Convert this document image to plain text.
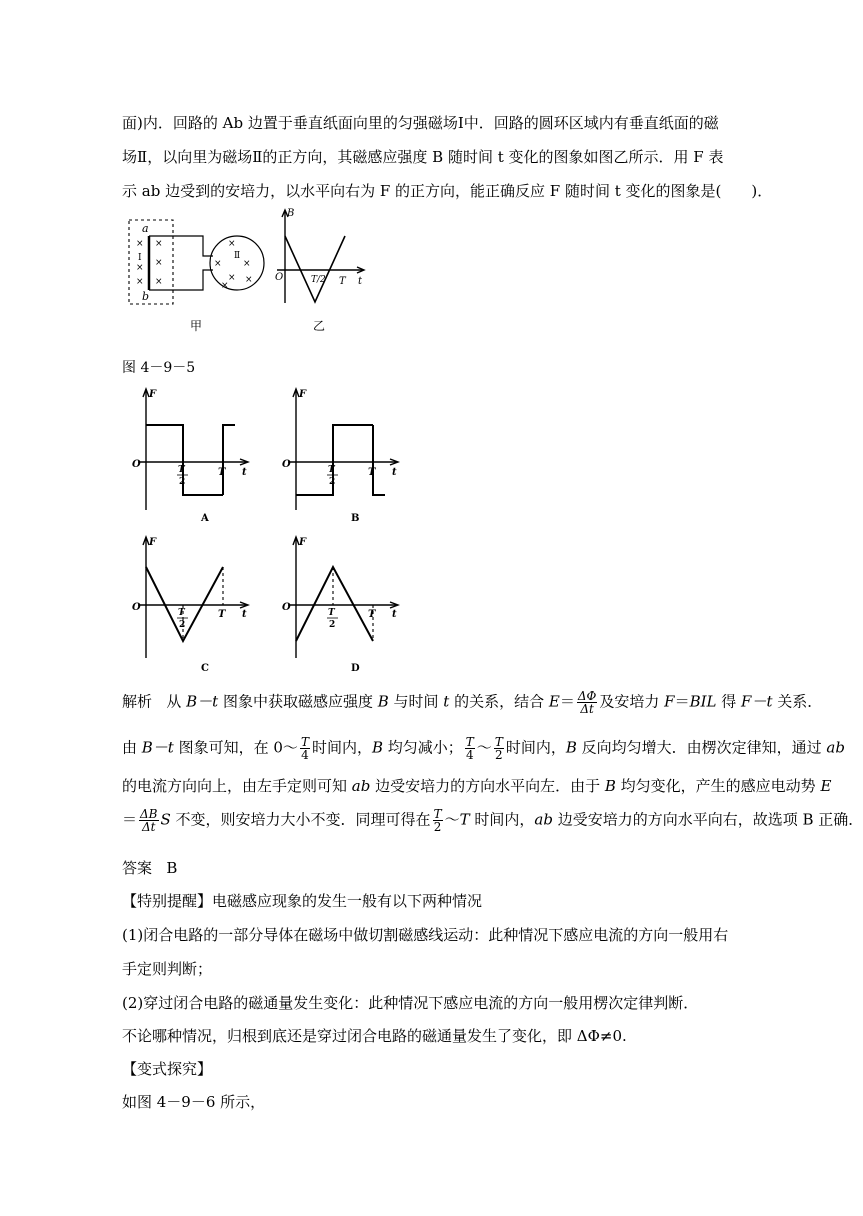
面)内．回路的 Ab 边置于垂直纸面向里的匀强磁场Ⅰ中．回路的圆环区域内有垂直纸面的磁
场Ⅱ，以向里为磁场Ⅱ的正方向，其磁感应强度 B 随时间 t 变化的图象如图乙所示．用 F 表
示 ab 边受到的安培力，以水平向右为 F 的正方向，能正确反应 F 随时间 t 变化的图象是(　　)．
a
b
Ⅰ	Ⅱ
×
×
×
×
×
×
×
× ×
×
×
×
甲
B
O	t
T/2 T
乙
图 4－9－5
F
O
t
T
2
T
A
F
O
t
T
2
T
B
F
O
t
T
2
T
C
F
O
t
T
2
T
D
解析 从 B－t 图象中获取磁感应强度 B 与时间 t 的关系，结合 $E= \frac{\Delta\Phi}{\Delta t}$ 及安培力 F＝BIL 得 F－t 关系．
由 B－t 图象可知，在 0～ $\frac{T}{4}$ 时间内，B 均匀减小； $\frac{T}{4}$ ～ $\frac{T}{2}$ 时间内，B 反向均匀增大．由楞次定律知，通过 ab
的电流方向向上，由左手定则可知 ab 边受安培力的方向水平向左．由于 B 均匀变化，产生的感应电动势 E
＝ $\frac{\Delta B}{\Delta t}$ S 不变，则安培力大小不变．同理可得在 $\frac{T}{2}$ ～T 时间内，ab 边受安培力的方向水平向右，故选项 B 正确．
答案 B
【特别提醒】电磁感应现象的发生一般有以下两种情况
(1)闭合电路的一部分导体在磁场中做切割磁感线运动：此种情况下感应电流的方向一般用右
手定则判断；
(2)穿过闭合电路的磁通量发生变化：此种情况下感应电流的方向一般用楞次定律判断．
不论哪种情况，归根到底还是穿过闭合电路的磁通量发生了变化，即 ΔΦ≠0.
【变式探究】
如图 4－9－6 所示，
